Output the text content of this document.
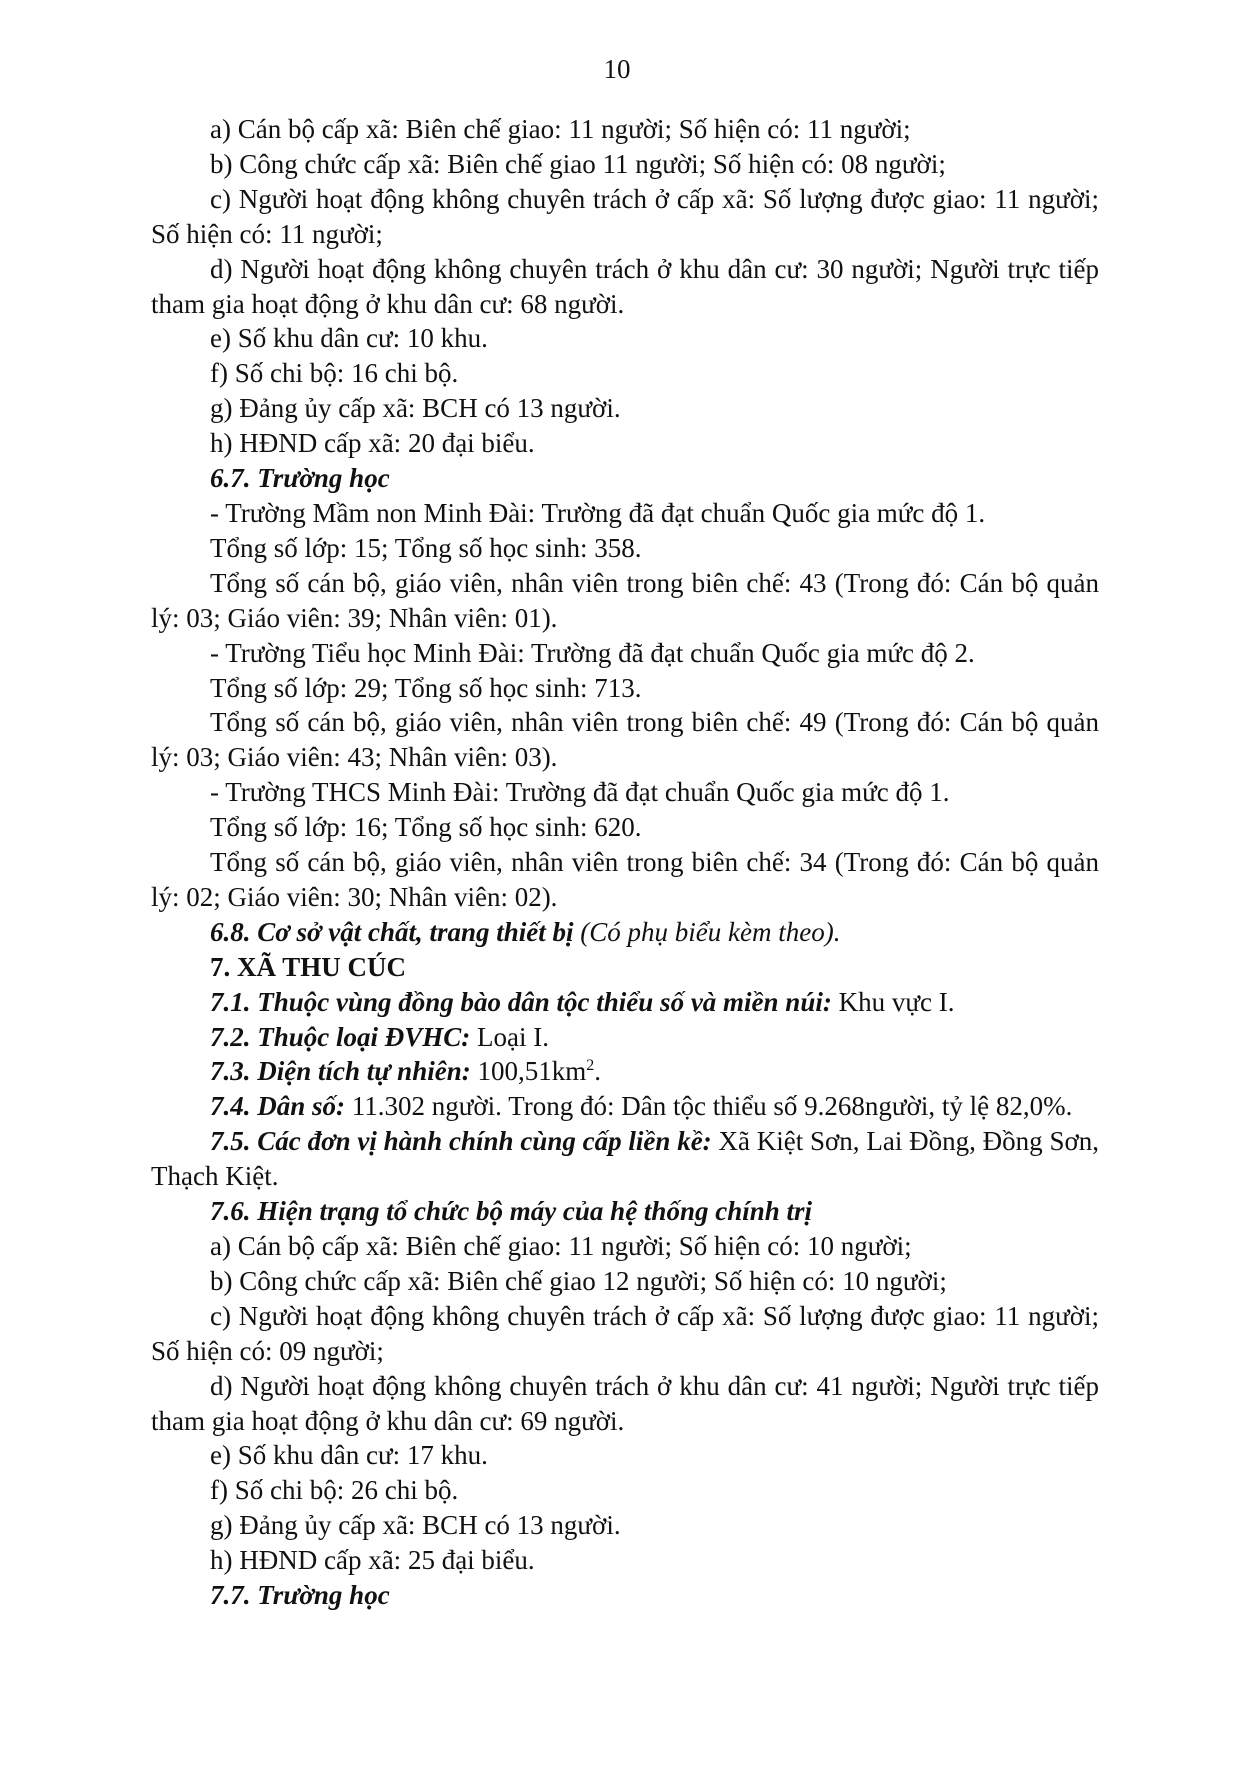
10

a) Cán bộ cấp xã: Biên chế giao: 11 người; Số hiện có: 11 người;

b) Công chức cấp xã: Biên chế giao 11 người; Số hiện có: 08 người;

c) Người hoạt động không chuyên trách ở cấp xã: Số lượng được giao: 11 người; Số hiện có: 11 người;

d) Người hoạt động không chuyên trách ở khu dân cư: 30 người; Người trực tiếp tham gia hoạt động ở khu dân cư: 68 người.

e) Số khu dân cư: 10 khu.

f) Số chi bộ: 16 chi bộ.

g) Đảng ủy cấp xã: BCH có 13 người.

h) HĐND cấp xã: 20 đại biểu.

6.7. Trường học

- Trường Mầm non Minh Đài: Trường đã đạt chuẩn Quốc gia mức độ 1.

Tổng số lớp: 15; Tổng số học sinh: 358.

Tổng số cán bộ, giáo viên, nhân viên trong biên chế: 43 (Trong đó: Cán bộ quản lý: 03; Giáo viên: 39; Nhân viên: 01).

- Trường Tiểu học Minh Đài: Trường đã đạt chuẩn Quốc gia mức độ 2.

Tổng số lớp: 29; Tổng số học sinh: 713.

Tổng số cán bộ, giáo viên, nhân viên trong biên chế: 49 (Trong đó: Cán bộ quản lý: 03; Giáo viên: 43; Nhân viên: 03).

- Trường THCS Minh Đài: Trường đã đạt chuẩn Quốc gia mức độ 1.

Tổng số lớp: 16; Tổng số học sinh: 620.

Tổng số cán bộ, giáo viên, nhân viên trong biên chế: 34 (Trong đó: Cán bộ quản lý: 02; Giáo viên: 30; Nhân viên: 02).

6.8. Cơ sở vật chất, trang thiết bị (Có phụ biểu kèm theo).

7. XÃ THU CÚC

7.1. Thuộc vùng đồng bào dân tộc thiểu số và miền núi: Khu vực I.

7.2. Thuộc loại ĐVHC: Loại I.

7.3. Diện tích tự nhiên: $100,51km^2$.

7.4. Dân số: 11.302 người. Trong đó: Dân tộc thiểu số 9.268người, tỷ lệ 82,0%.

7.5. Các đơn vị hành chính cùng cấp liền kề: Xã Kiệt Sơn, Lai Đồng, Đồng Sơn, Thạch Kiệt.

7.6. Hiện trạng tổ chức bộ máy của hệ thống chính trị

a) Cán bộ cấp xã: Biên chế giao: 11 người; Số hiện có: 10 người;

b) Công chức cấp xã: Biên chế giao 12 người; Số hiện có: 10 người;

c) Người hoạt động không chuyên trách ở cấp xã: Số lượng được giao: 11 người; Số hiện có: 09 người;

d) Người hoạt động không chuyên trách ở khu dân cư: 41 người; Người trực tiếp tham gia hoạt động ở khu dân cư: 69 người.

e) Số khu dân cư: 17 khu.

f) Số chi bộ: 26 chi bộ.

g) Đảng ủy cấp xã: BCH có 13 người.

h) HĐND cấp xã: 25 đại biểu.

7.7. Trường học
